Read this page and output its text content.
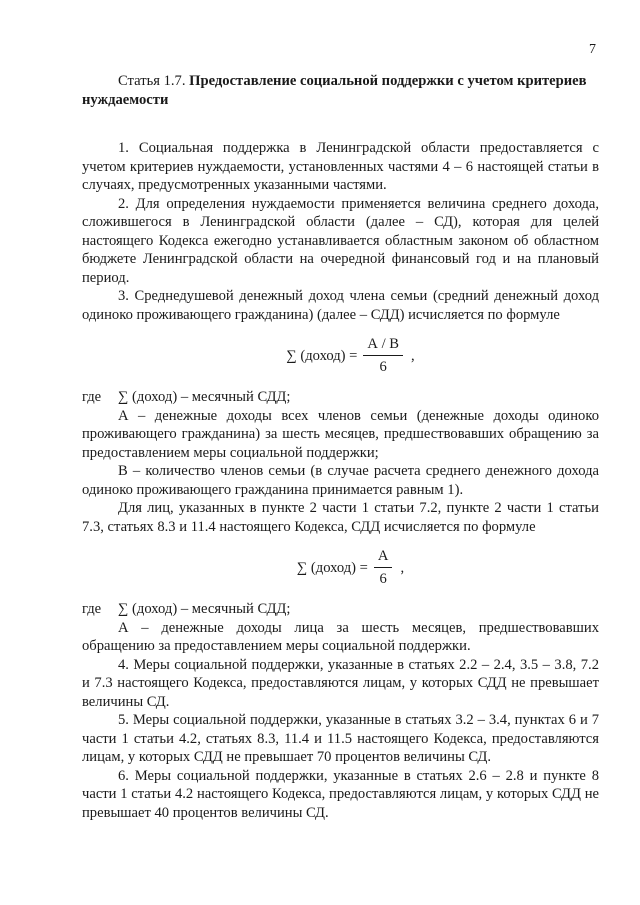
7
Статья 1.7. Предоставление социальной поддержки с учетом критериев нуждаемости

1. Социальная поддержка в Ленинградской области предоставляется с учетом критериев нуждаемости, установленных частями 4 – 6 настоящей статьи в случаях, предусмотренных указанными частями.

2. Для определения нуждаемости применяется величина среднего дохода, сложившегося в Ленинградской области (далее – СД), которая для целей настоящего Кодекса ежегодно устанавливается областным законом об областном бюджете Ленинградской области на очередной финансовый год и на плановый период.

3. Среднедушевой денежный доход члена семьи (средний денежный доход одиноко проживающего гражданина) (далее – СДД) исчисляется по формуле

∑ (доход) = $\frac{А / В}{6}$ ,

где ∑ (доход) – месячный СДД;

А – денежные доходы всех членов семьи (денежные доходы одиноко проживающего гражданина) за шесть месяцев, предшествовавших обращению за предоставлением меры социальной поддержки;

В – количество членов семьи (в случае расчета среднего денежного дохода одиноко проживающего гражданина принимается равным 1).

Для лиц, указанных в пункте 2 части 1 статьи 7.2, пункте 2 части 1 статьи 7.3, статьях 8.3 и 11.4 настоящего Кодекса, СДД исчисляется по формуле

∑ (доход) = $\frac{А}{6}$ ,

где ∑ (доход) – месячный СДД;

А – денежные доходы лица за шесть месяцев, предшествовавших обращению за предоставлением меры социальной поддержки.

4. Меры социальной поддержки, указанные в статьях 2.2 – 2.4, 3.5 – 3.8, 7.2 и 7.3 настоящего Кодекса, предоставляются лицам, у которых СДД не превышает величины СД.

5. Меры социальной поддержки, указанные в статьях 3.2 – 3.4, пунктах 6 и 7 части 1 статьи 4.2, статьях 8.3, 11.4 и 11.5 настоящего Кодекса, предоставляются лицам, у которых СДД не превышает 70 процентов величины СД.

6. Меры социальной поддержки, указанные в статьях 2.6 – 2.8 и пункте 8 части 1 статьи 4.2 настоящего Кодекса, предоставляются лицам, у которых СДД не превышает 40 процентов величины СД.
